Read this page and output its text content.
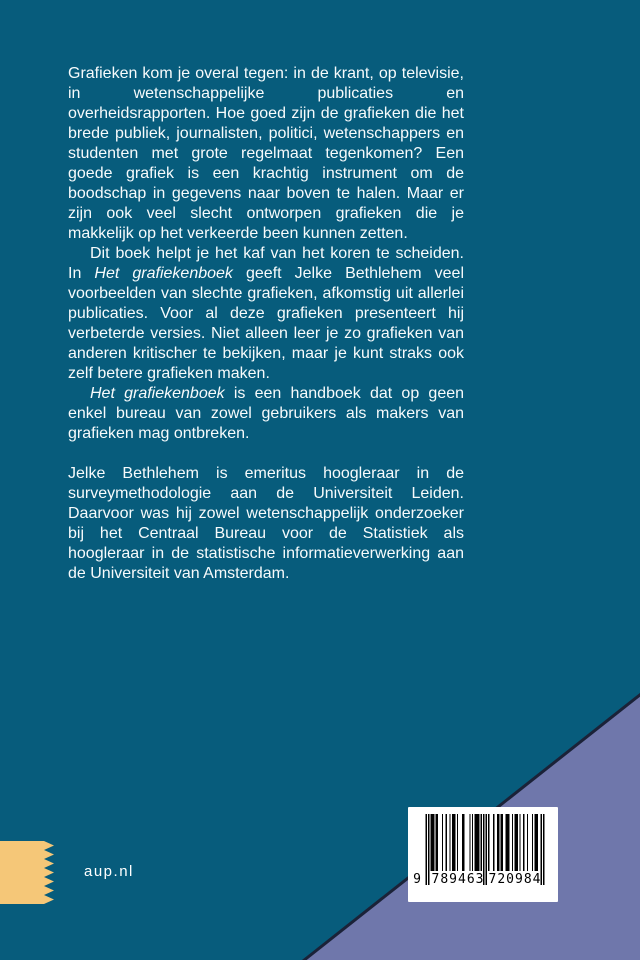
Grafieken kom je overal tegen: in de krant, op televisie, in wetenschappelijke publicaties en overheidsrapporten. Hoe goed zijn de grafieken die het brede publiek, journalisten, politici, wetenschappers en studenten met grote regelmaat tegenkomen? Een goede grafiek is een krachtig instrument om de boodschap in gegevens naar boven te halen. Maar er zijn ook veel slecht ontworpen grafieken die je makkelijk op het verkeerde been kunnen zetten.

Dit boek helpt je het kaf van het koren te scheiden. In Het grafiekenboek geeft Jelke Bethlehem veel voorbeelden van slechte grafieken, afkomstig uit allerlei publicaties. Voor al deze grafieken presenteert hij verbeterde versies. Niet alleen leer je zo grafieken van anderen kritischer te bekijken, maar je kunt straks ook zelf betere grafieken maken.

Het grafiekenboek is een handboek dat op geen enkel bureau van zowel gebruikers als makers van grafieken mag ontbreken.

Jelke Bethlehem is emeritus hoogleraar in de surveymethodologie aan de Universiteit Leiden. Daarvoor was hij zowel wetenschappelijk onderzoeker bij het Centraal Bureau voor de Statistiek als hoogleraar in de statistische informatieverwerking aan de Universiteit van Amsterdam.

aup.nl	9 789463 720984
